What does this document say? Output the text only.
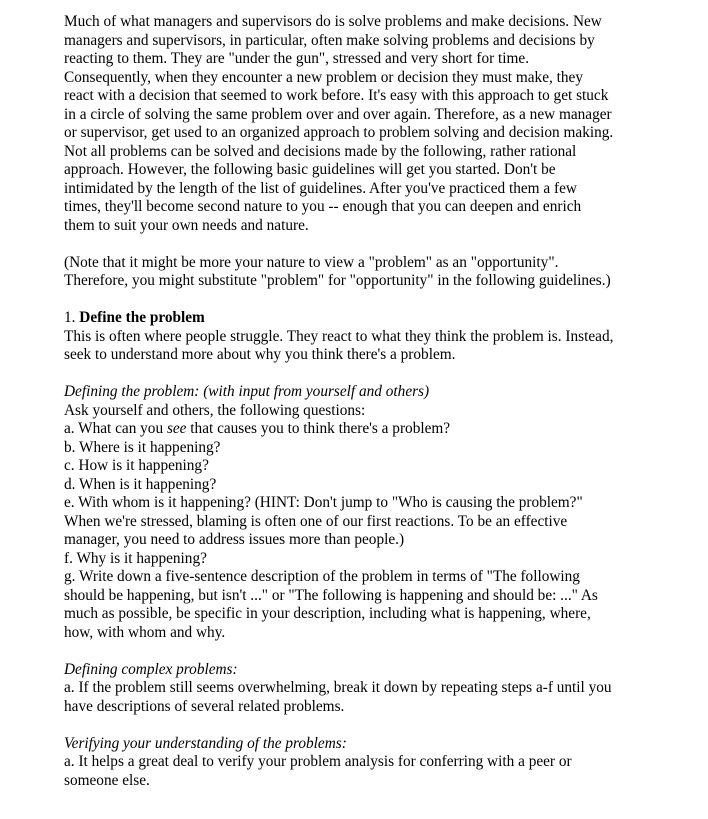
Much of what managers and supervisors do is solve problems and make decisions. New
managers and supervisors, in particular, often make solving problems and decisions by
reacting to them. They are "under the gun", stressed and very short for time.
Consequently, when they encounter a new problem or decision they must make, they
react with a decision that seemed to work before. It's easy with this approach to get stuck
in a circle of solving the same problem over and over again. Therefore, as a new manager
or supervisor, get used to an organized approach to problem solving and decision making.
Not all problems can be solved and decisions made by the following, rather rational
approach. However, the following basic guidelines will get you started. Don't be
intimidated by the length of the list of guidelines. After you've practiced them a few
times, they'll become second nature to you -- enough that you can deepen and enrich
them to suit your own needs and nature.
(Note that it might be more your nature to view a "problem" as an "opportunity".
Therefore, you might substitute "problem" for "opportunity" in the following guidelines.)
1. Define the problem
This is often where people struggle. They react to what they think the problem is. Instead,
seek to understand more about why you think there's a problem.
Defining the problem: (with input from yourself and others)
Ask yourself and others, the following questions:
a. What can you see that causes you to think there's a problem?
b. Where is it happening?
c. How is it happening?
d. When is it happening?
e. With whom is it happening? (HINT: Don't jump to "Who is causing the problem?"
When we're stressed, blaming is often one of our first reactions. To be an effective
manager, you need to address issues more than people.)
f. Why is it happening?
g. Write down a five-sentence description of the problem in terms of "The following
should be happening, but isn't ..." or "The following is happening and should be: ..." As
much as possible, be specific in your description, including what is happening, where,
how, with whom and why.
Defining complex problems:
a. If the problem still seems overwhelming, break it down by repeating steps a-f until you
have descriptions of several related problems.
Verifying your understanding of the problems:
a. It helps a great deal to verify your problem analysis for conferring with a peer or
someone else.
